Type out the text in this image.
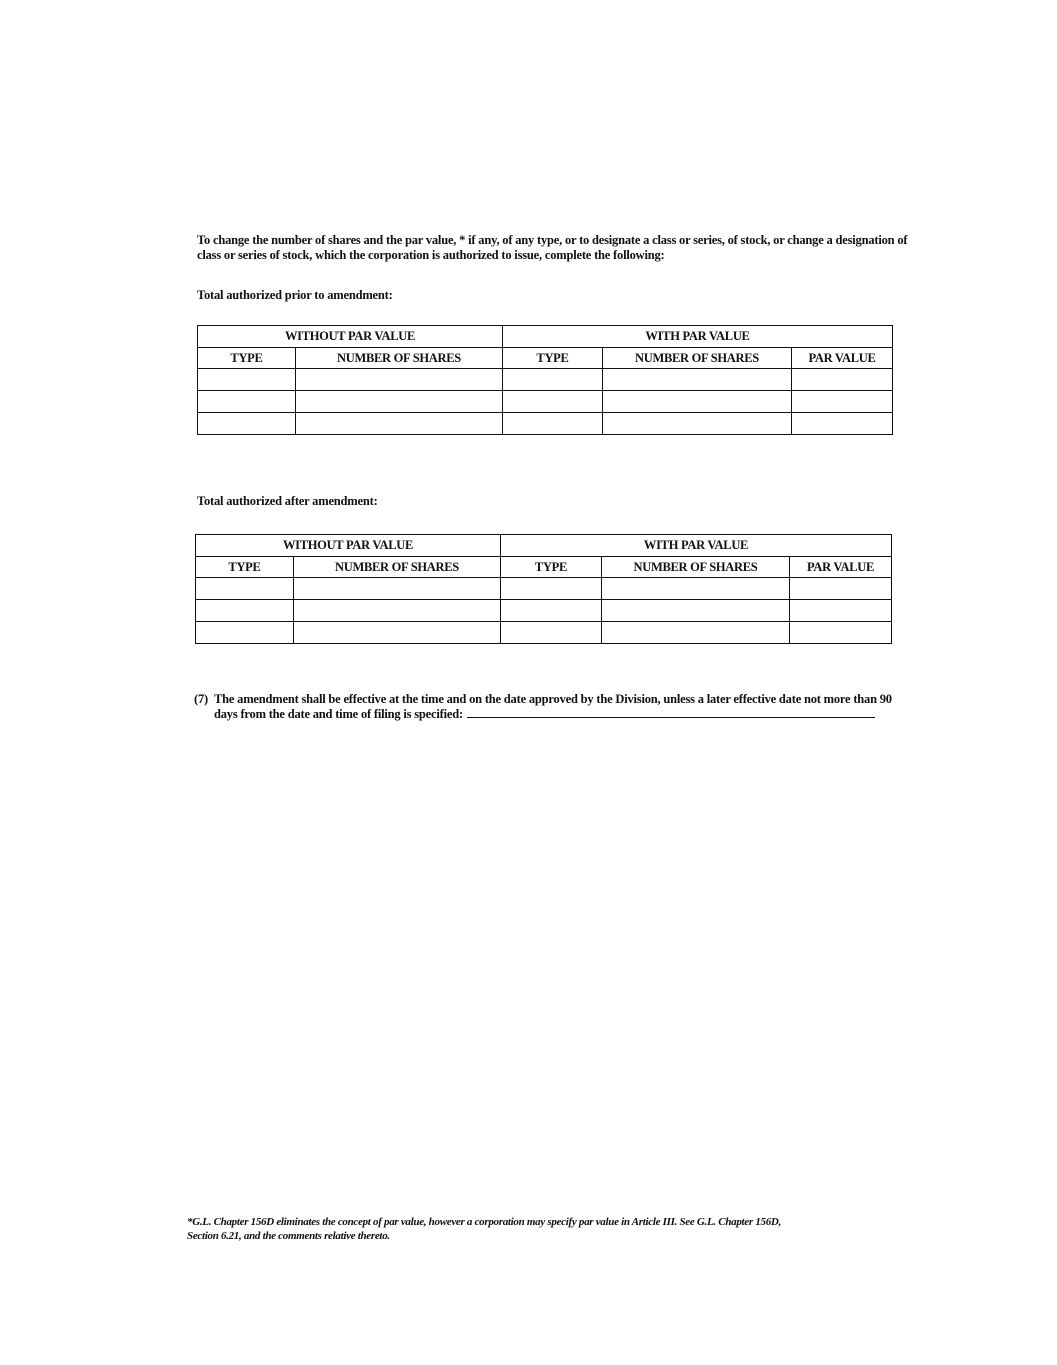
To change the number of shares and the par value, * if any, of any type, or to designate a class or series, of stock, or change a designation of
class or series of stock, which the corporation is authorized to issue, complete the following:
Total authorized prior to amendment:
WITHOUT PAR VALUE		WITH PAR VALUE		
TYPE	NUMBER OF SHARES	TYPE	NUMBER OF SHARES	PAR VALUE

Total authorized after amendment:
WITHOUT PAR VALUE		WITH PAR VALUE		
TYPE	NUMBER OF SHARES	TYPE	NUMBER OF SHARES	PAR VALUE

(7) The amendment shall be effective at the time and on the date approved by the Division, unless a later effective date not more than 90
days from the date and time of filing is specified:
*G.L. Chapter 156D eliminates the concept of par value, however a corporation may specify par value in Article III. See G.L. Chapter 156D,
Section 6.21, and the comments relative thereto.
